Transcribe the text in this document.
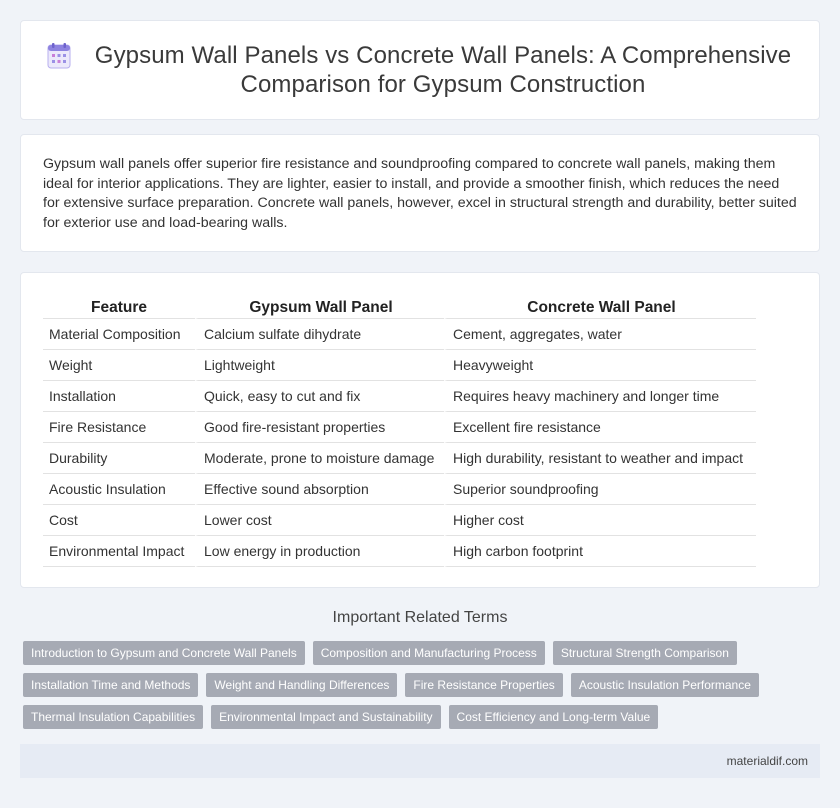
Gypsum Wall Panels vs Concrete Wall Panels: A Comprehensive Comparison for Gypsum Construction

Gypsum wall panels offer superior fire resistance and soundproofing compared to concrete wall panels, making them ideal for interior applications. They are lighter, easier to install, and provide a smoother finish, which reduces the need for extensive surface preparation. Concrete wall panels, however, excel in structural strength and durability, better suited for exterior use and load-bearing walls.

Feature	Gypsum Wall Panel	Concrete Wall Panel
Material Composition	Calcium sulfate dihydrate	Cement, aggregates, water
Weight	Lightweight	Heavyweight
Installation	Quick, easy to cut and fix	Requires heavy machinery and longer time
Fire Resistance	Good fire-resistant properties	Excellent fire resistance
Durability	Moderate, prone to moisture damage	High durability, resistant to weather and impact
Acoustic Insulation	Effective sound absorption	Superior soundproofing
Cost	Lower cost	Higher cost
Environmental Impact	Low energy in production	High carbon footprint
Important Related Terms
Introduction to Gypsum and Concrete Wall Panels	Composition and Manufacturing Process	Structural Strength Comparison
Installation Time and Methods	Weight and Handling Differences	Fire Resistance Properties	Acoustic Insulation Performance
Thermal Insulation Capabilities	Environmental Impact and Sustainability	Cost Efficiency and Long-term Value
materialdif.com
